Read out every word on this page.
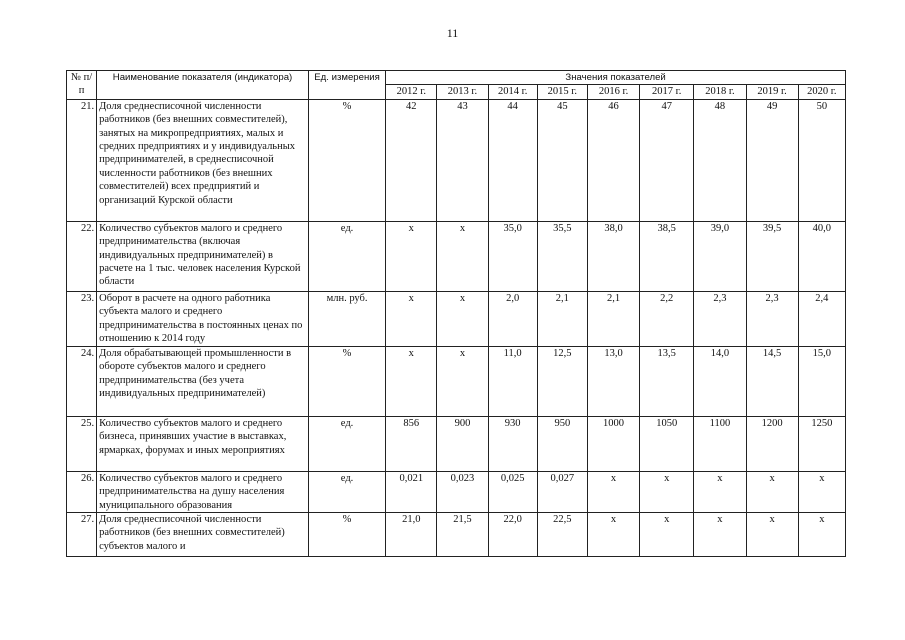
11
№ п/п	Наименование показателя (индикатора)	Ед. измерения	Значения показателей								
			2012 г.	2013 г.	2014 г.	2015 г.	2016 г.	2017 г.	2018 г.	2019 г.	2020 г.
21.	Доля среднесписочной численности работников (без внешних совместителей), занятых на микропредприятиях, малых и средних предприятиях и у индивидуальных предпринимателей, в среднесписочной численности работников (без внешних совместителей) всех предприятий и организаций Курской области	%	42	43	44	45	46	47	48	49	50
22.	Количество субъектов малого и среднего предпринимательства (включая индивидуальных предпринимателей) в расчете на 1 тыс. человек населения Курской области	ед.	х	х	35,0	35,5	38,0	38,5	39,0	39,5	40,0
23.	Оборот в расчете на одного работника субъекта малого и среднего предпринимательства в постоянных ценах по отношению к 2014 году	млн. руб.	х	х	2,0	2,1	2,1	2,2	2,3	2,3	2,4
24.	Доля обрабатывающей промышленности в обороте субъектов малого и среднего предпринимательства (без учета индивидуальных предпринимателей)	%	х	х	11,0	12,5	13,0	13,5	14,0	14,5	15,0
25.	Количество субъектов малого и среднего бизнеса, принявших участие в выставках, ярмарках, форумах и иных мероприятиях	ед.	856	900	930	950	1000	1050	1100	1200	1250
26.	Количество субъектов малого и среднего предпринимательства на душу населения муниципального образования	ед.	0,021	0,023	0,025	0,027	х	х	х	х	х
27.	Доля среднесписочной численности работников (без внешних совместителей) субъектов малого и	%	21,0	21,5	22,0	22,5	х	х	х	х	х
